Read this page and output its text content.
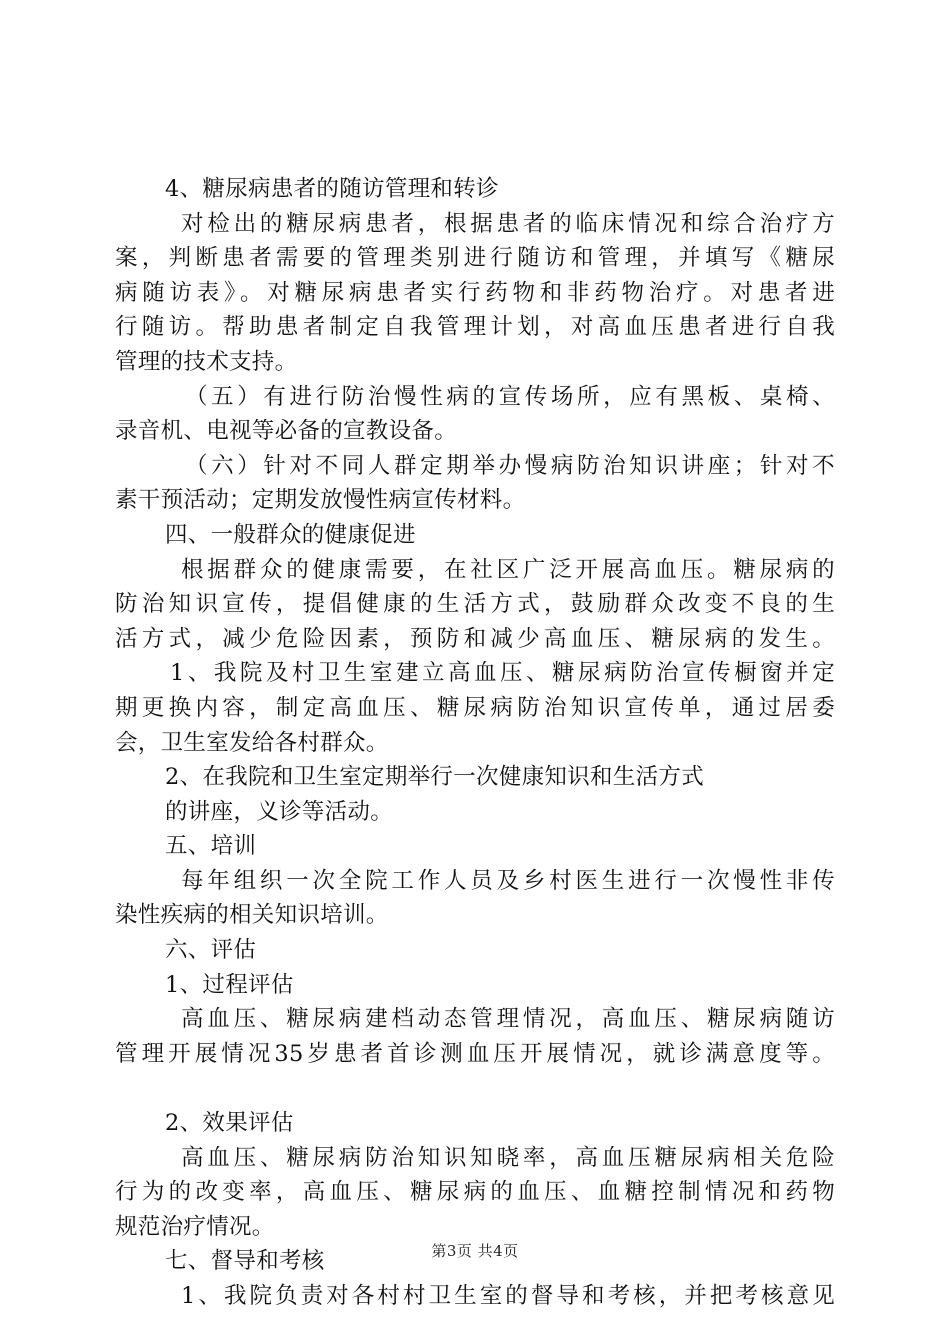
4、糖尿病患者的随访管理和转诊
对检出的糖尿病患者，根据患者的临床情况和综合治疗方
案，判断患者需要的管理类别进行随访和管理，并填写《糖尿
病随访表》。对糖尿病患者实行药物和非药物治疗。对患者进
行随访。帮助患者制定自我管理计划，对高血压患者进行自我
管理的技术支持。
（五）有进行防治慢性病的宣传场所，应有黑板、桌椅、
录音机、电视等必备的宣教设备。
（六）针对不同人群定期举办慢病防治知识讲座；针对不
素干预活动；定期发放慢性病宣传材料。
四、一般群众的健康促进
根据群众的健康需要，在社区广泛开展高血压。糖尿病的
防治知识宣传，提倡健康的生活方式，鼓励群众改变不良的生
活方式，减少危险因素，预防和减少高血压、糖尿病的发生。
1、我院及村卫生室建立高血压、糖尿病防治宣传橱窗并定
期更换内容，制定高血压、糖尿病防治知识宣传单，通过居委
会，卫生室发给各村群众。
2、在我院和卫生室定期举行一次健康知识和生活方式
的讲座，义诊等活动。
五、培训
每年组织一次全院工作人员及乡村医生进行一次慢性非传
染性疾病的相关知识培训。
六、评估
1、过程评估
高血压、糖尿病建档动态管理情况，高血压、糖尿病随访
管理开展情况35岁患者首诊测血压开展情况，就诊满意度等。
2、效果评估
高血压、糖尿病防治知识知晓率，高血压糖尿病相关危险
行为的改变率，高血压、糖尿病的血压、血糖控制情况和药物
规范治疗情况。
七、督导和考核
1、我院负责对各村村卫生室的督导和考核，并把考核意见
第3页 共4页
